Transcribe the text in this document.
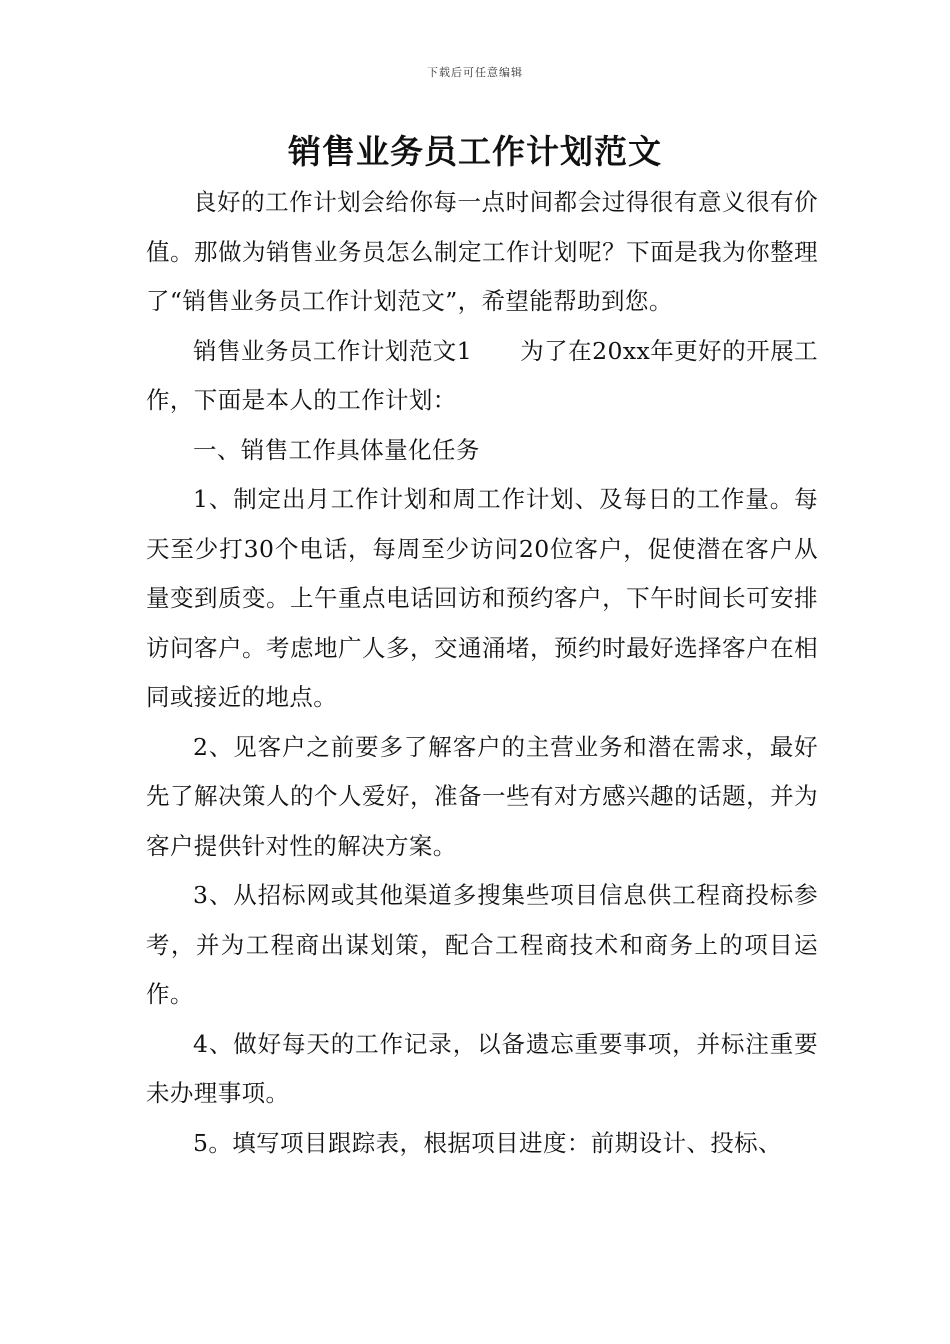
下载后可任意编辑
销售业务员工作计划范文

良好的工作计划会给你每一点时间都会过得很有意义很有价值。那做为销售业务员怎么制定工作计划呢？下面是我为你整理了“销售业务员工作计划范文”，希望能帮助到您。

销售业务员工作计划范文1　　为了在20xx年更好的开展工作，下面是本人的工作计划：

一、销售工作具体量化任务

1、制定出月工作计划和周工作计划、及每日的工作量。每天至少打30个电话，每周至少访问20位客户，促使潜在客户从量变到质变。上午重点电话回访和预约客户，下午时间长可安排访问客户。考虑地广人多，交通涌堵，预约时最好选择客户在相同或接近的地点。

2、见客户之前要多了解客户的主营业务和潜在需求，最好先了解决策人的个人爱好，准备一些有对方感兴趣的话题，并为客户提供针对性的解决方案。

3、从招标网或其他渠道多搜集些项目信息供工程商投标参考，并为工程商出谋划策，配合工程商技术和商务上的项目运作。

4、做好每天的工作记录，以备遗忘重要事项，并标注重要未办理事项。

5。填写项目跟踪表，根据项目进度：前期设计、投标、
